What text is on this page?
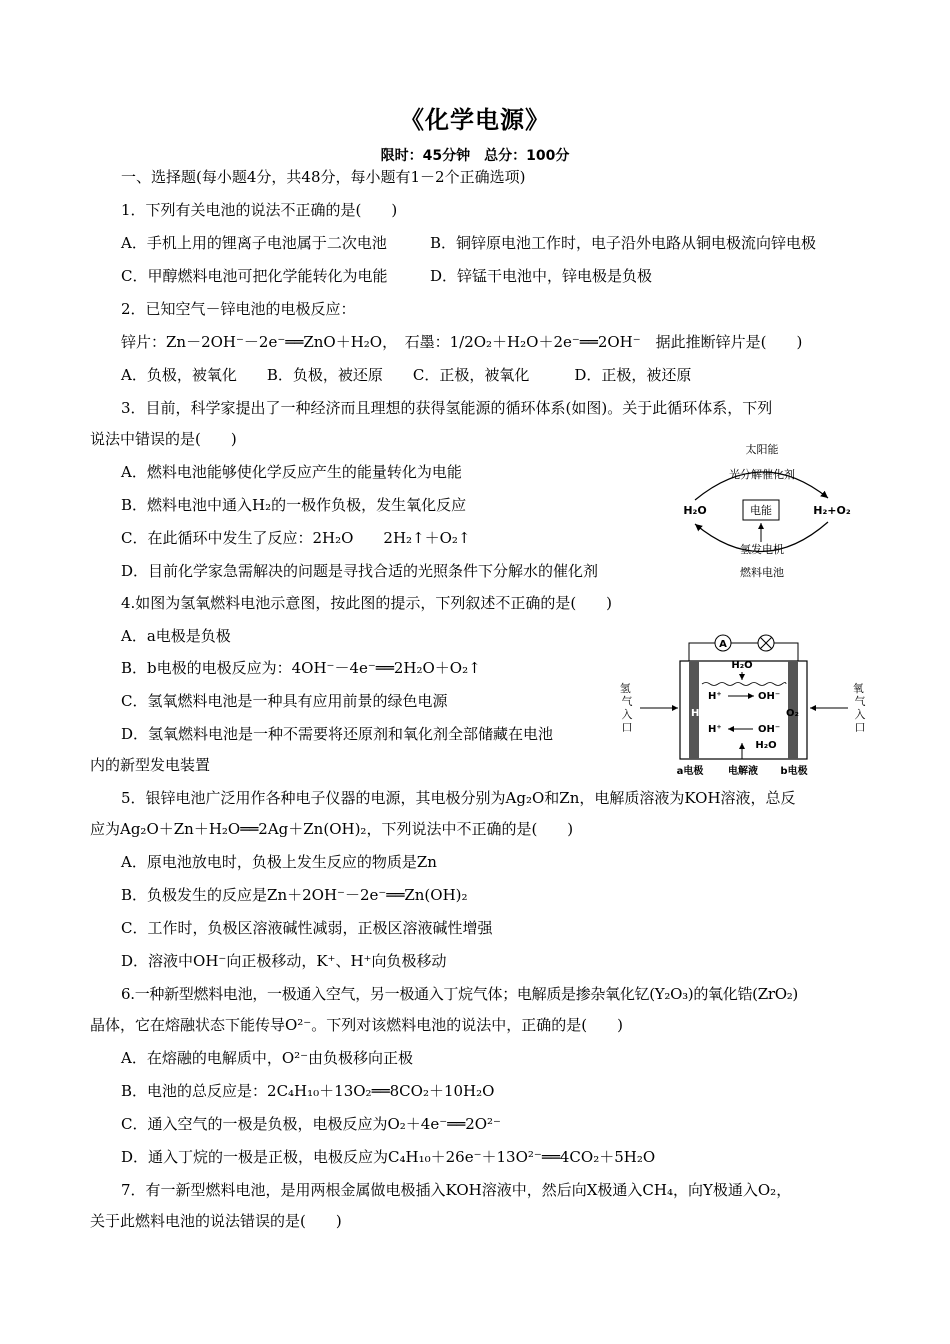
《化学电源》
限时：45分钟　总分：100分
一、选择题(每小题4分，共48分，每小题有1－2个正确选项)
1．下列有关电池的说法不正确的是(　　)
A．手机上用的锂离子电池属于二次电池	B．铜锌原电池工作时，电子沿外电路从铜电极流向锌电极
C．甲醇燃料电池可把化学能转化为电能	D．锌锰干电池中，锌电极是负极
2．已知空气－锌电池的电极反应：
锌片：Zn－2OH⁻－2e⁻══ZnO＋H₂O，　石墨：1/2O₂＋H₂O＋2e⁻══2OH⁻　据此推断锌片是(　　)
A．负极，被氧化　　B．负极，被还原　　C．正极，被氧化　　　D．正极，被还原
3．目前，科学家提出了一种经济而且理想的获得氢能源的循环体系(如图)。关于此循环体系，下列
说法中错误的是(　　)
A．燃料电池能够使化学反应产生的能量转化为电能
B．燃料电池中通入H₂的一极作负极，发生氧化反应
C．在此循环中发生了反应：2H₂O　　2H₂↑＋O₂↑
D．目前化学家急需解决的问题是寻找合适的光照条件下分解水的催化剂
太阳能
光分解催化剂
H₂O	电能	H₂+O₂
氢发电机
燃料电池
4.如图为氢氧燃料电池示意图，按此图的提示，下列叙述不正确的是(　　)
A．a电极是负极
B．b电极的电极反应为：4OH⁻－4e⁻══2H₂O＋O₂↑
C．氢氧燃料电池是一种具有应用前景的绿色电源
D．氢氧燃料电池是一种不需要将还原剂和氧化剂全部储藏在电池
内的新型发电装置
A
氢 气入口
氧 气入口
H₂O
H⁺	OH⁻
H₂	O₂
H⁺	OH⁻
H₂O
a电极 电解液 b电极
5．银锌电池广泛用作各种电子仪器的电源，其电极分别为Ag₂O和Zn，电解质溶液为KOH溶液，总反
应为Ag₂O＋Zn＋H₂O══2Ag＋Zn(OH)₂，下列说法中不正确的是(　　)
A．原电池放电时，负极上发生反应的物质是Zn
B．负极发生的反应是Zn＋2OH⁻－2e⁻══Zn(OH)₂
C．工作时，负极区溶液碱性减弱，正极区溶液碱性增强
D．溶液中OH⁻向正极移动，K⁺、H⁺向负极移动
6.一种新型燃料电池，一极通入空气，另一极通入丁烷气体；电解质是掺杂氧化钇(Y₂O₃)的氧化锆(ZrO₂)
晶体，它在熔融状态下能传导O²⁻。下列对该燃料电池的说法中，正确的是(　　)
A．在熔融的电解质中，O²⁻由负极移向正极
B．电池的总反应是：2C₄H₁₀＋13O₂══8CO₂＋10H₂O
C．通入空气的一极是负极，电极反应为O₂＋4e⁻══2O²⁻
D．通入丁烷的一极是正极，电极反应为C₄H₁₀＋26e⁻＋13O²⁻══4CO₂＋5H₂O
7．有一新型燃料电池，是用两根金属做电极插入KOH溶液中，然后向X极通入CH₄，向Y极通入O₂，
关于此燃料电池的说法错误的是(　　)
